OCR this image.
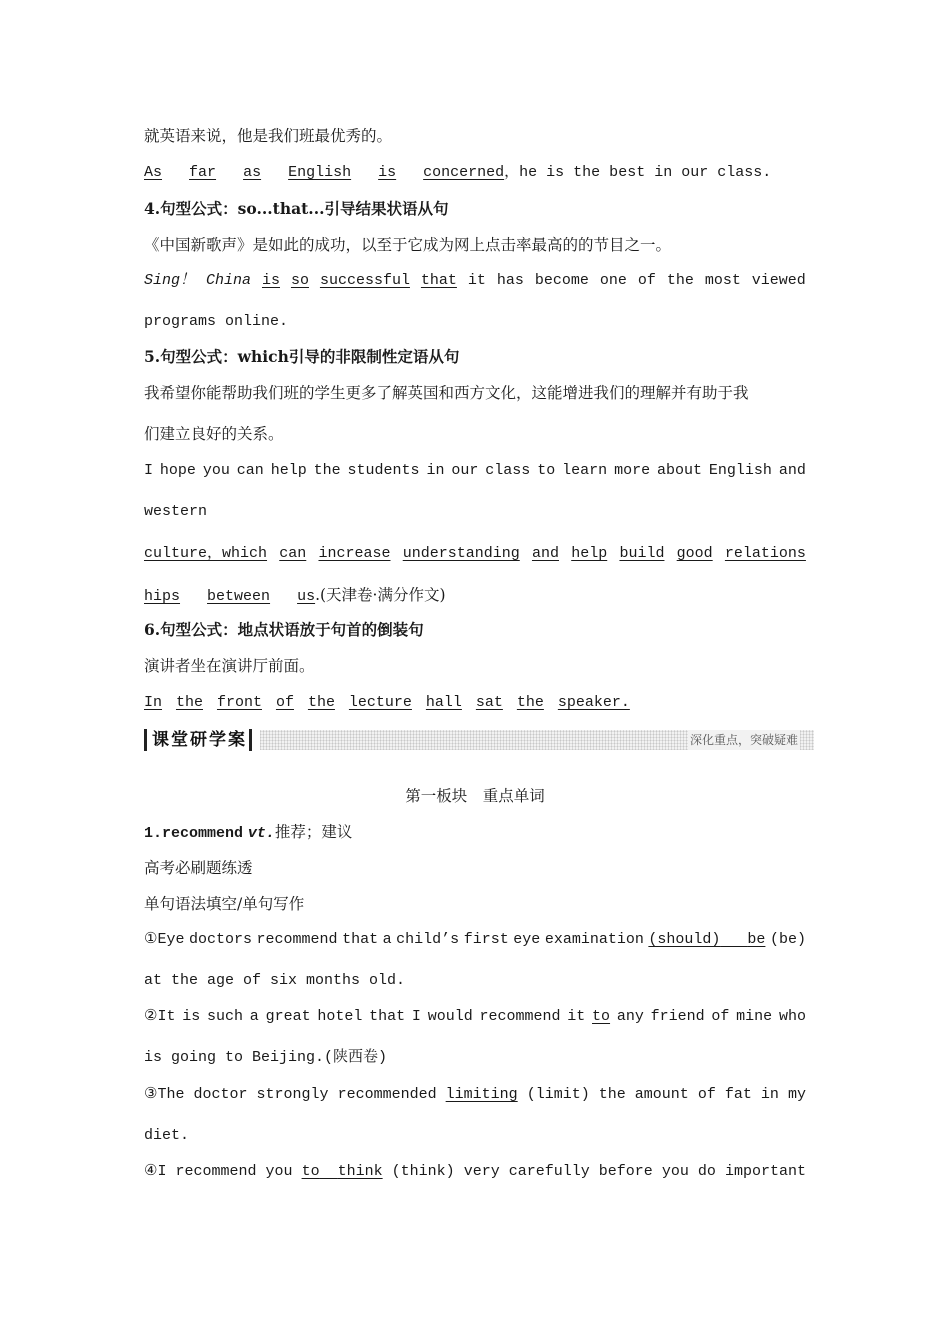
就英语来说，他是我们班最优秀的。
As far as English is concerned，he is the best in our class.
4.句型公式：so...that...引导结果状语从句
《中国新歌声》是如此的成功，以至于它成为网上点击率最高的的节目之一。
Sing！ China is so successful that it has become one of the most viewed
programs online.
5.句型公式：which引导的非限制性定语从句
我希望你能帮助我们班的学生更多了解英国和西方文化，这能增进我们的理解并有助于我
们建立良好的关系。
I hope you can help the students in our class to learn more about English and
western
culture，which can increase understanding and help build good relations
hips between us.(天津卷·满分作文)
6.句型公式：地点状语放于句首的倒装句
演讲者坐在演讲厅前面。
In the front of the lecture hall sat the speaker.
课堂研学案	深化重点，突破疑难
第一板块　重点单词
1.recommend vt.推荐；建议
高考必刷题练透
单句语法填空/单句写作
①Eye doctors recommend that a child’s first eye examination (should) be (be)
at the age of six months old.
②It is such a great hotel that I would recommend it to any friend of mine who
is going to Beijing.(陕西卷)
③The doctor strongly recommended limiting (limit) the amount of fat in my
diet.
④I recommend you to think (think) very carefully before you do important
